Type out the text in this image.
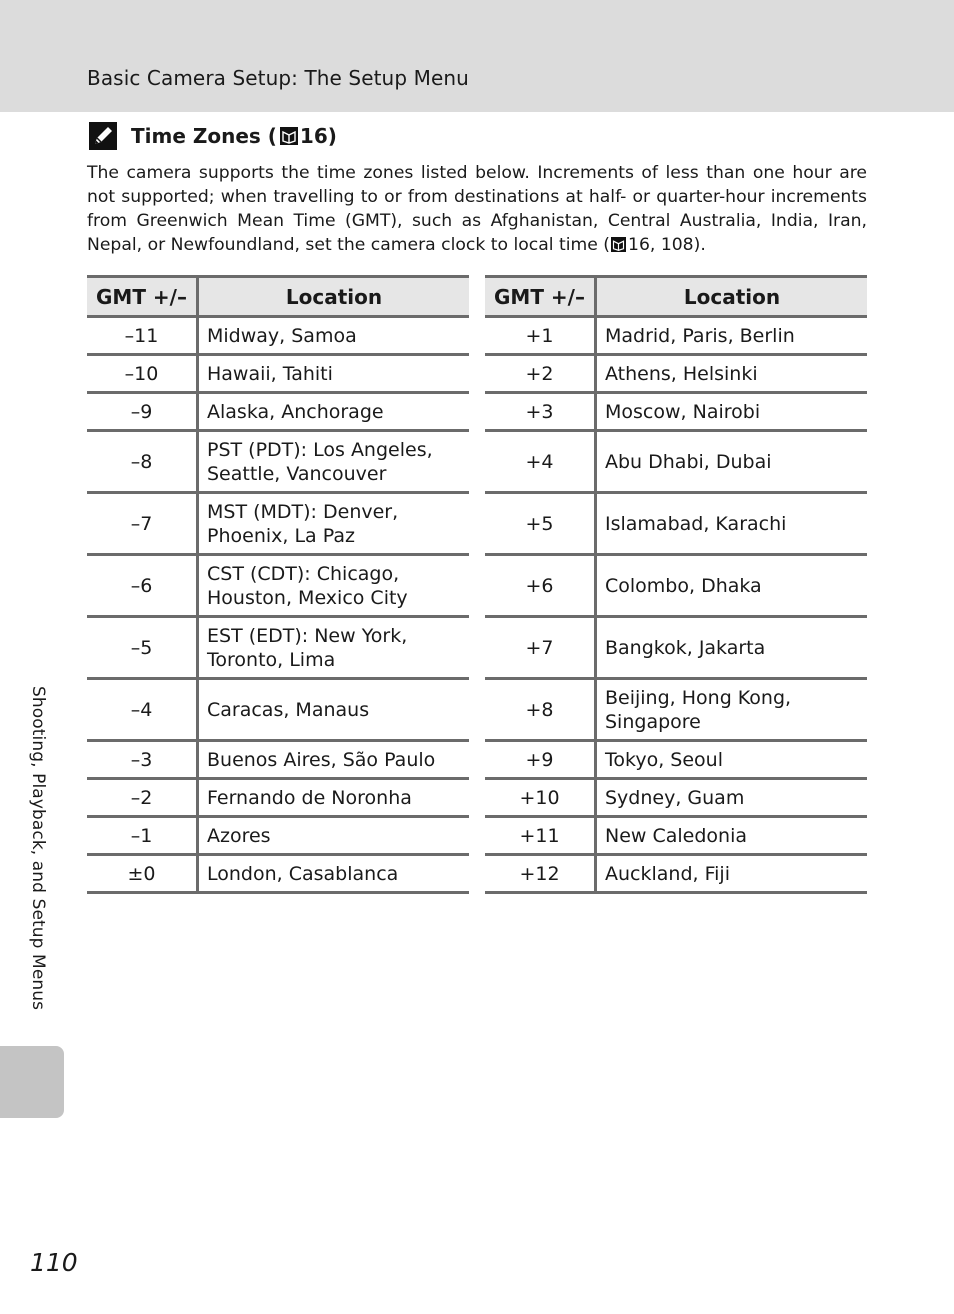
Basic Camera Setup: The Setup Menu
Time Zones ( 16)

The camera supports the time zones listed below. Increments of less than one hour are not supported; when travelling to or from destinations at half- or quarter-hour increments from Greenwich Mean Time (GMT), such as Afghanistan, Central Australia, India, Iran, Nepal, or Newfoundland, set the camera clock to local time ( 16, 108).

GMT +/–	Location
–11	Midway, Samoa
–10	Hawaii, Tahiti
–9	Alaska, Anchorage
–8	PST (PDT): Los Angeles, Seattle, Vancouver
–7	MST (MDT): Denver, Phoenix, La Paz
–6	CST (CDT): Chicago, Houston, Mexico City
–5	EST (EDT): New York, Toronto, Lima
–4	Caracas, Manaus
–3	Buenos Aires, São Paulo
–2	Fernando de Noronha
–1	Azores
±0	London, Casablanca
GMT +/–	Location
+1	Madrid, Paris, Berlin
+2	Athens, Helsinki
+3	Moscow, Nairobi
+4	Abu Dhabi, Dubai
+5	Islamabad, Karachi
+6	Colombo, Dhaka
+7	Bangkok, Jakarta
+8	Beijing, Hong Kong, Singapore
+9	Tokyo, Seoul
+10	Sydney, Guam
+11	New Caledonia
+12	Auckland, Fiji
Shooting, Playback, and Setup Menus
110
